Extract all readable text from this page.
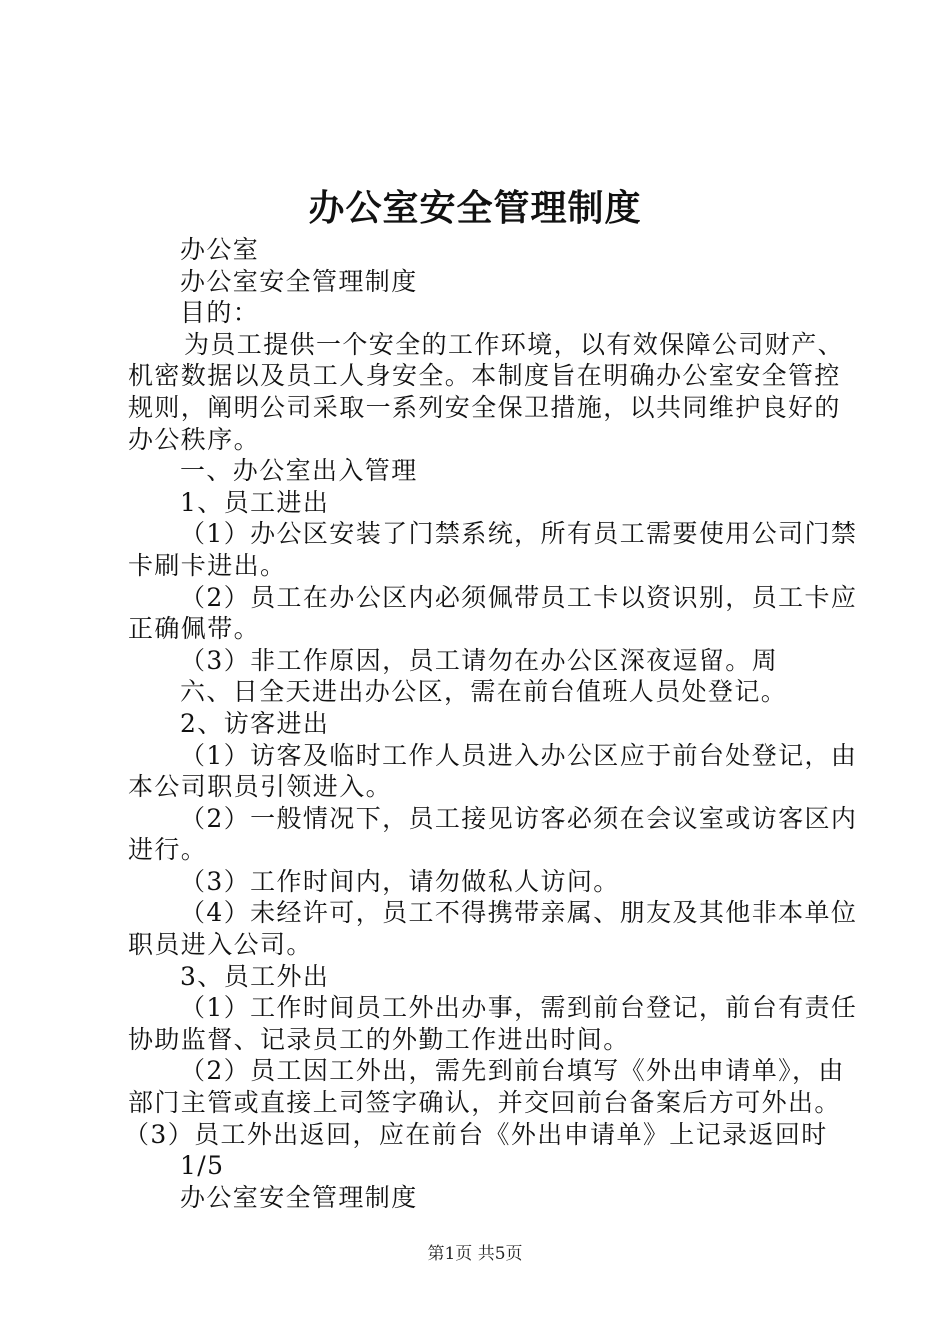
办公室安全管理制度
办公室
办公室安全管理制度
目的：
为员工提供一个安全的工作环境，以有效保障公司财产、
机密数据以及员工人身安全。本制度旨在明确办公室安全管控
规则，阐明公司采取一系列安全保卫措施，以共同维护良好的
办公秩序。
一、办公室出入管理
1、员工进出
（1）办公区安装了门禁系统，所有员工需要使用公司门禁
卡刷卡进出。
（2）员工在办公区内必须佩带员工卡以资识别，员工卡应
正确佩带。
（3）非工作原因，员工请勿在办公区深夜逗留。周
六、日全天进出办公区，需在前台值班人员处登记。
2、访客进出
（1）访客及临时工作人员进入办公区应于前台处登记，由
本公司职员引领进入。
（2）一般情况下，员工接见访客必须在会议室或访客区内
进行。
（3）工作时间内，请勿做私人访问。
（4）未经许可，员工不得携带亲属、朋友及其他非本单位
职员进入公司。
3、员工外出
（1）工作时间员工外出办事，需到前台登记，前台有责任
协助监督、记录员工的外勤工作进出时间。
（2）员工因工外出，需先到前台填写《外出申请单》，由
部门主管或直接上司签字确认，并交回前台备案后方可外出。
（3）员工外出返回，应在前台《外出申请单》上记录返回时
1/5
办公室安全管理制度
第1页 共5页
